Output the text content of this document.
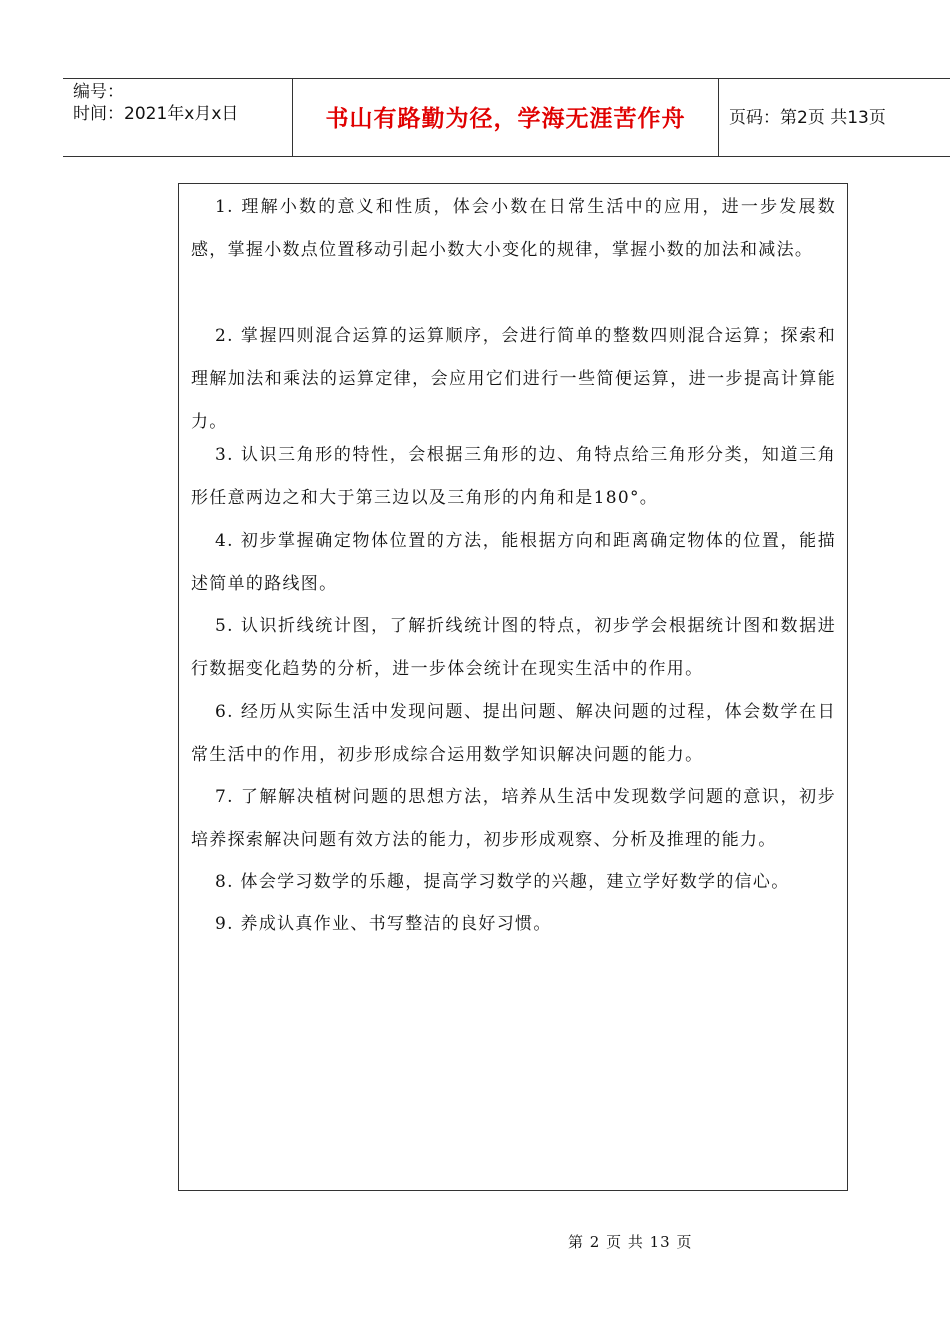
编号：
时间：2021年x月x日	书山有路勤为径，学海无涯苦作舟	页码：第2页 共13页

1. 理解小数的意义和性质，体会小数在日常生活中的应用，进一步发展数感，掌握小数点位置移动引起小数大小变化的规律，掌握小数的加法和减法。

2. 掌握四则混合运算的运算顺序，会进行简单的整数四则混合运算；探索和理解加法和乘法的运算定律，会应用它们进行一些简便运算，进一步提高计算能力。

3. 认识三角形的特性，会根据三角形的边、角特点给三角形分类，知道三角形任意两边之和大于第三边以及三角形的内角和是180°。

4. 初步掌握确定物体位置的方法，能根据方向和距离确定物体的位置，能描述简单的路线图。

5. 认识折线统计图，了解折线统计图的特点，初步学会根据统计图和数据进行数据变化趋势的分析，进一步体会统计在现实生活中的作用。

6. 经历从实际生活中发现问题、提出问题、解决问题的过程，体会数学在日常生活中的作用，初步形成综合运用数学知识解决问题的能力。

7. 了解解决植树问题的思想方法，培养从生活中发现数学问题的意识，初步培养探索解决问题有效方法的能力，初步形成观察、分析及推理的能力。

8. 体会学习数学的乐趣，提高学习数学的兴趣，建立学好数学的信心。

9. 养成认真作业、书写整洁的良好习惯。

第 2 页 共 13 页
